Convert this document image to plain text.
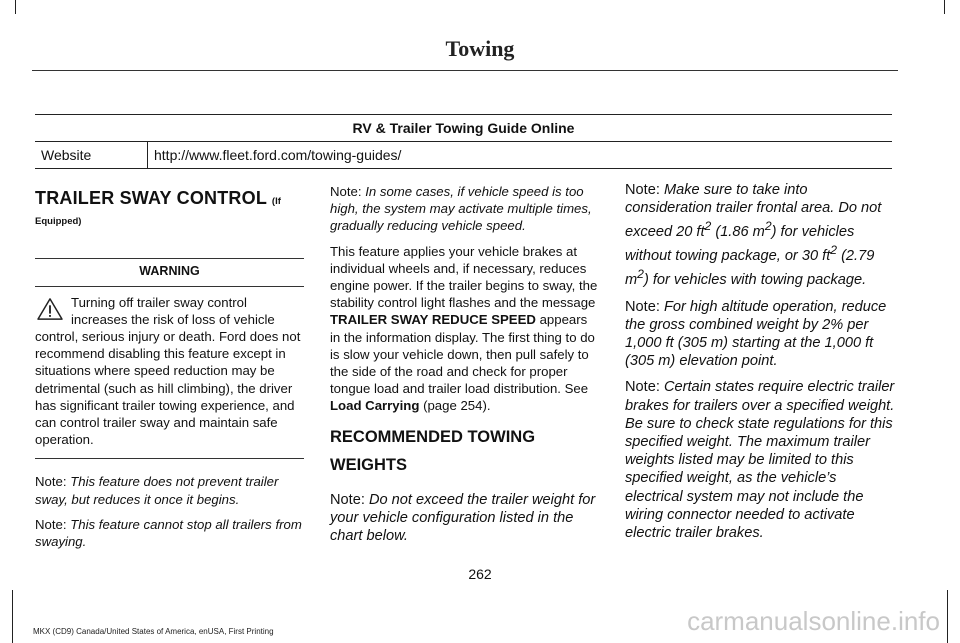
Towing
RV & Trailer Towing Guide Online
Website	http://www.fleet.ford.com/towing-guides/
TRAILER SWAY CONTROL (If Equipped)
WARNING
Turning off trailer sway control increases the risk of loss of vehicle control, serious injury or death. Ford does not recommend disabling this feature except in situations where speed reduction may be detrimental (such as hill climbing), the driver has significant trailer towing experience, and can control trailer sway and maintain safe operation.

Note: This feature does not prevent trailer sway, but reduces it once it begins.

Note: This feature cannot stop all trailers from swaying.

Note: In some cases, if vehicle speed is too high, the system may activate multiple times, gradually reducing vehicle speed.

This feature applies your vehicle brakes at individual wheels and, if necessary, reduces engine power. If the trailer begins to sway, the stability control light flashes and the message TRAILER SWAY REDUCE SPEED appears in the information display. The first thing to do is slow your vehicle down, then pull safely to the side of the road and check for proper tongue load and trailer load distribution. See Load Carrying (page 254).

RECOMMENDED TOWING WEIGHTS

Note: Do not exceed the trailer weight for your vehicle configuration listed in the chart below.

Note: Make sure to take into consideration trailer frontal area. Do not exceed 20 $ft^2$ (1.86 $m^2$) for vehicles without towing package, or 30 $ft^2$ (2.79 $m^2$) for vehicles with towing package.

Note: For high altitude operation, reduce the gross combined weight by 2% per 1,000 ft (305 m) starting at the 1,000 ft (305 m) elevation point.

Note: Certain states require electric trailer brakes for trailers over a specified weight. Be sure to check state regulations for this specified weight. The maximum trailer weights listed may be limited to this specified weight, as the vehicle’s electrical system may not include the wiring connector needed to activate electric trailer brakes.

262
MKX (CD9) Canada/United States of America, enUSA, First Printing	carmanualsonline.info
